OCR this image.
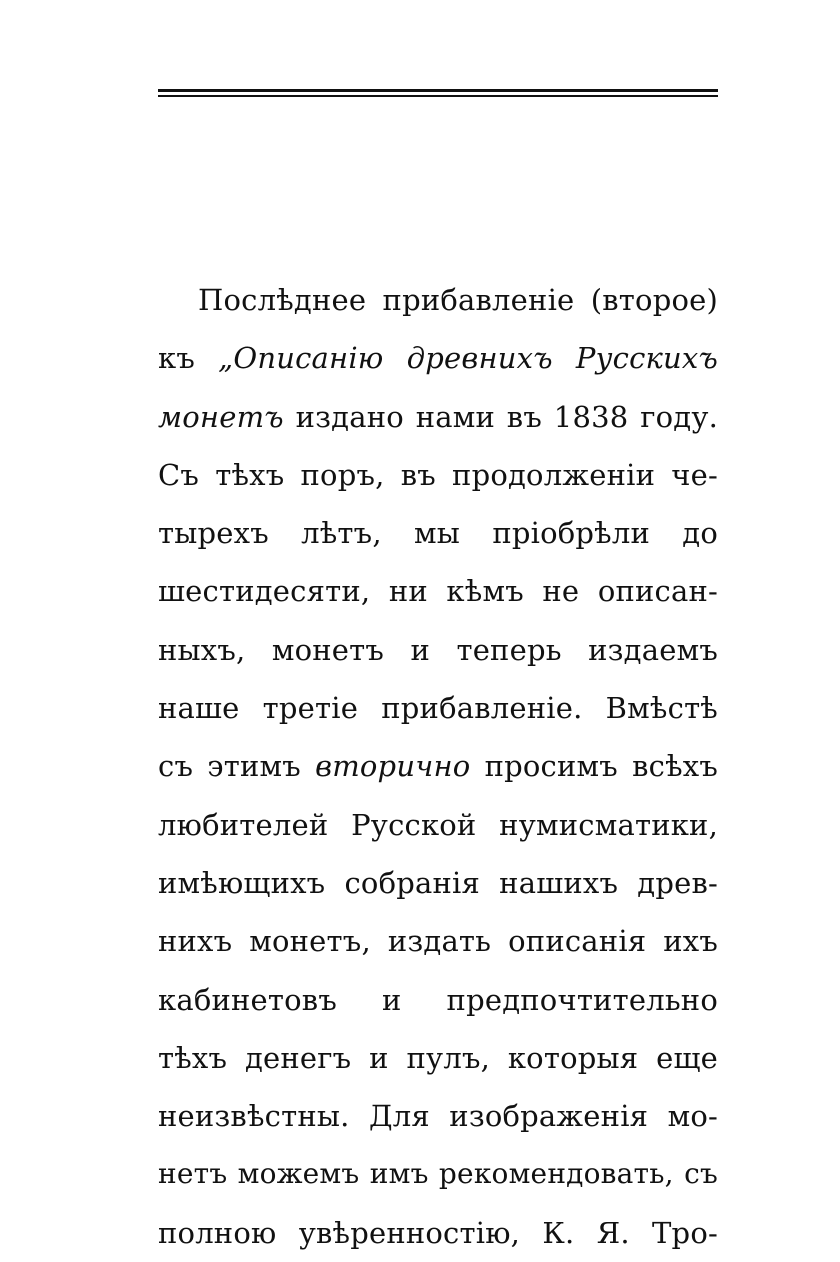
Послѣднее прибавленіе (второе)
къ „Описанію древнихъ Русскихъ
монетъ издано нами въ 1838 году.
Съ тѣхъ поръ, въ продолженіи че-
тырехъ лѣтъ, мы пріобрѣли до
шестидесяти, ни кѣмъ не описан-
ныхъ, монетъ и теперь издаемъ
наше третіе прибавленіе. Вмѣстѣ
съ этимъ вторично просимъ всѣхъ
любителей Русской нумисматики,
имѣющихъ собранія нашихъ древ-
нихъ монетъ, издать описанія ихъ
кабинетовъ и предпочтительно
тѣхъ денегъ и пулъ, которыя еще
неизвѣстны. Для изображенія мо-
нетъ можемъ имъ рекомендовать, съ
полною увѣренностію, К. Я. Тро-
